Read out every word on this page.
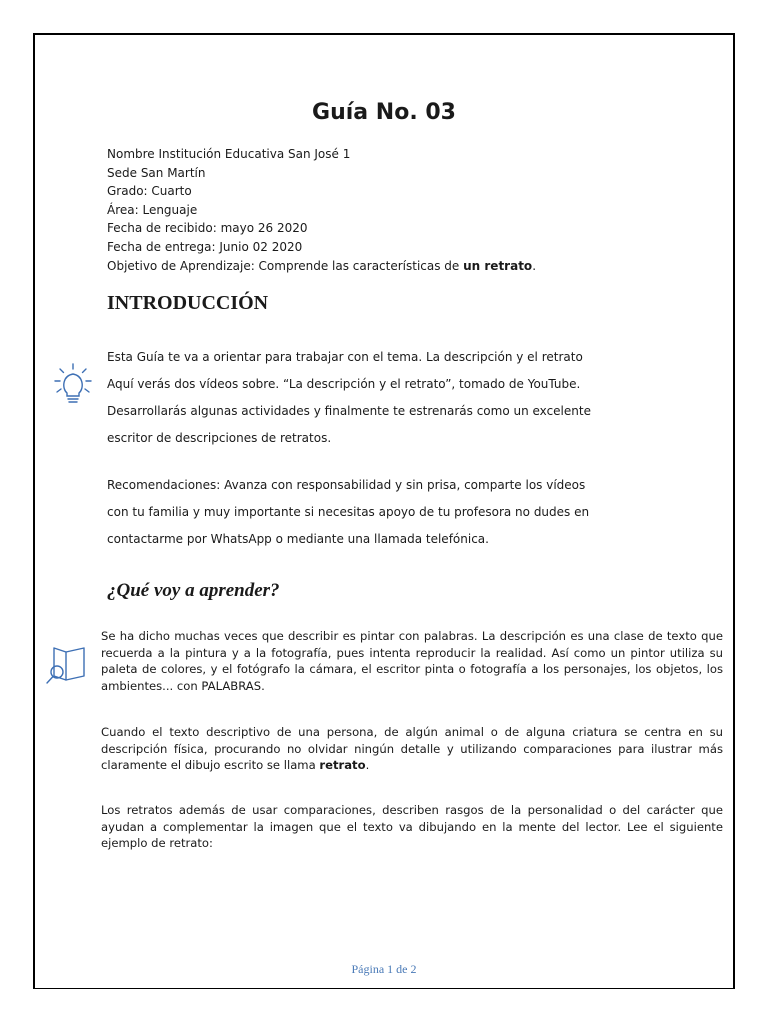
Guía No. 03
Nombre Institución Educativa San José 1
Sede San Martín
Grado: Cuarto
Área: Lenguaje
Fecha de recibido: mayo 26 2020
Fecha de entrega: Junio 02 2020
Objetivo de Aprendizaje: Comprende las características de un retrato.
INTRODUCCIÓN
Esta Guía te va a orientar para trabajar con el tema. La descripción y el retrato
Aquí verás dos vídeos sobre. “La descripción y el retrato”, tomado de YouTube.
Desarrollarás algunas actividades y finalmente te estrenarás como un excelente
escritor de descripciones de retratos.
Recomendaciones: Avanza con responsabilidad y sin prisa, comparte los vídeos
con tu familia y muy importante si necesitas apoyo de tu profesora no dudes en
contactarme por WhatsApp o mediante una llamada telefónica.
¿Qué voy a aprender?

Se ha dicho muchas veces que describir es pintar con palabras. La descripción es una clase de texto que recuerda a la pintura y a la fotografía, pues intenta reproducir la realidad. Así como un pintor utiliza su paleta de colores, y el fotógrafo la cámara, el escritor pinta o fotografía a los personajes, los objetos, los ambientes... con PALABRAS.

Cuando el texto descriptivo de una persona, de algún animal o de alguna criatura se centra en su descripción física, procurando no olvidar ningún detalle y utilizando comparaciones para ilustrar más claramente el dibujo escrito se llama retrato.

Los retratos además de usar comparaciones, describen rasgos de la personalidad o del carácter que ayudan a complementar la imagen que el texto va dibujando en la mente del lector. Lee el siguiente ejemplo de retrato:

Página 1 de 2
